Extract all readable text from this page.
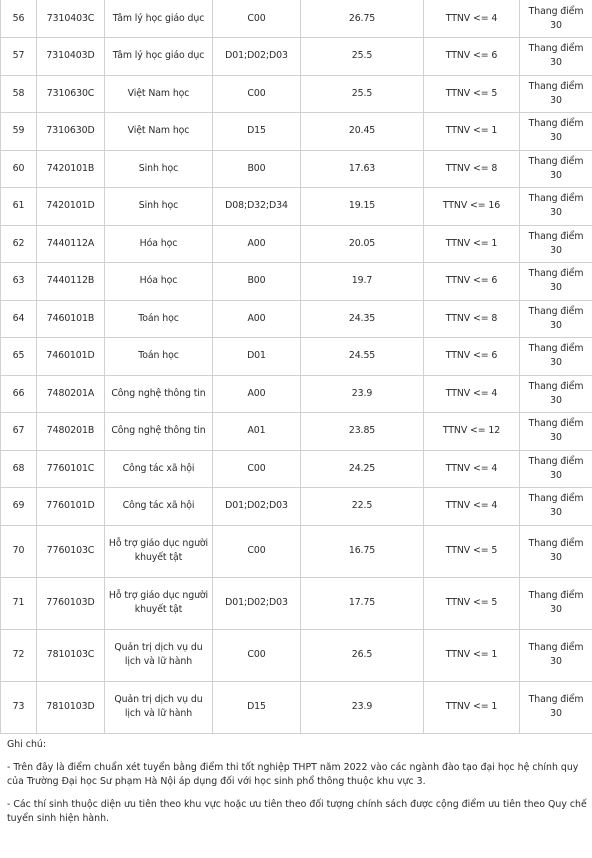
56	7310403C	Tâm lý học giáo dục	C00	26.75	TTNV <= 4	Thang điểm 30
57	7310403D	Tâm lý học giáo dục	D01;D02;D03	25.5	TTNV <= 6	Thang điểm 30
58	7310630C	Việt Nam học	C00	25.5	TTNV <= 5	Thang điểm 30
59	7310630D	Việt Nam học	D15	20.45	TTNV <= 1	Thang điểm 30
60	7420101B	Sinh học	B00	17.63	TTNV <= 8	Thang điểm 30
61	7420101D	Sinh học	D08;D32;D34	19.15	TTNV <= 16	Thang điểm 30
62	7440112A	Hóa học	A00	20.05	TTNV <= 1	Thang điểm 30
63	7440112B	Hóa học	B00	19.7	TTNV <= 6	Thang điểm 30
64	7460101B	Toán học	A00	24.35	TTNV <= 8	Thang điểm 30
65	7460101D	Toán học	D01	24.55	TTNV <= 6	Thang điểm 30
66	7480201A	Công nghệ thông tin	A00	23.9	TTNV <= 4	Thang điểm 30
67	7480201B	Công nghệ thông tin	A01	23.85	TTNV <= 12	Thang điểm 30
68	7760101C	Công tác xã hội	C00	24.25	TTNV <= 4	Thang điểm 30
69	7760101D	Công tác xã hội	D01;D02;D03	22.5	TTNV <= 4	Thang điểm 30
70	7760103C	Hỗ trợ giáo dục người khuyết tật	C00	16.75	TTNV <= 5	Thang điểm 30
71	7760103D	Hỗ trợ giáo dục người khuyết tật	D01;D02;D03	17.75	TTNV <= 5	Thang điểm 30
72	7810103C	Quản trị dịch vụ du lịch và lữ hành	C00	26.5	TTNV <= 1	Thang điểm 30
73	7810103D	Quản trị dịch vụ du lịch và lữ hành	D15	23.9	TTNV <= 1	Thang điểm 30

Ghi chú:

- Trên đây là điểm chuẩn xét tuyển bằng điểm thi tốt nghiệp THPT năm 2022 vào các ngành đào tạo đại học hệ chính quy của Trường Đại học Sư phạm Hà Nội áp dụng đối với học sinh phổ thông thuộc khu vực 3.

- Các thí sinh thuộc diện ưu tiên theo khu vực hoặc ưu tiên theo đối tượng chính sách được cộng điểm ưu tiên theo Quy chế tuyển sinh hiện hành.
